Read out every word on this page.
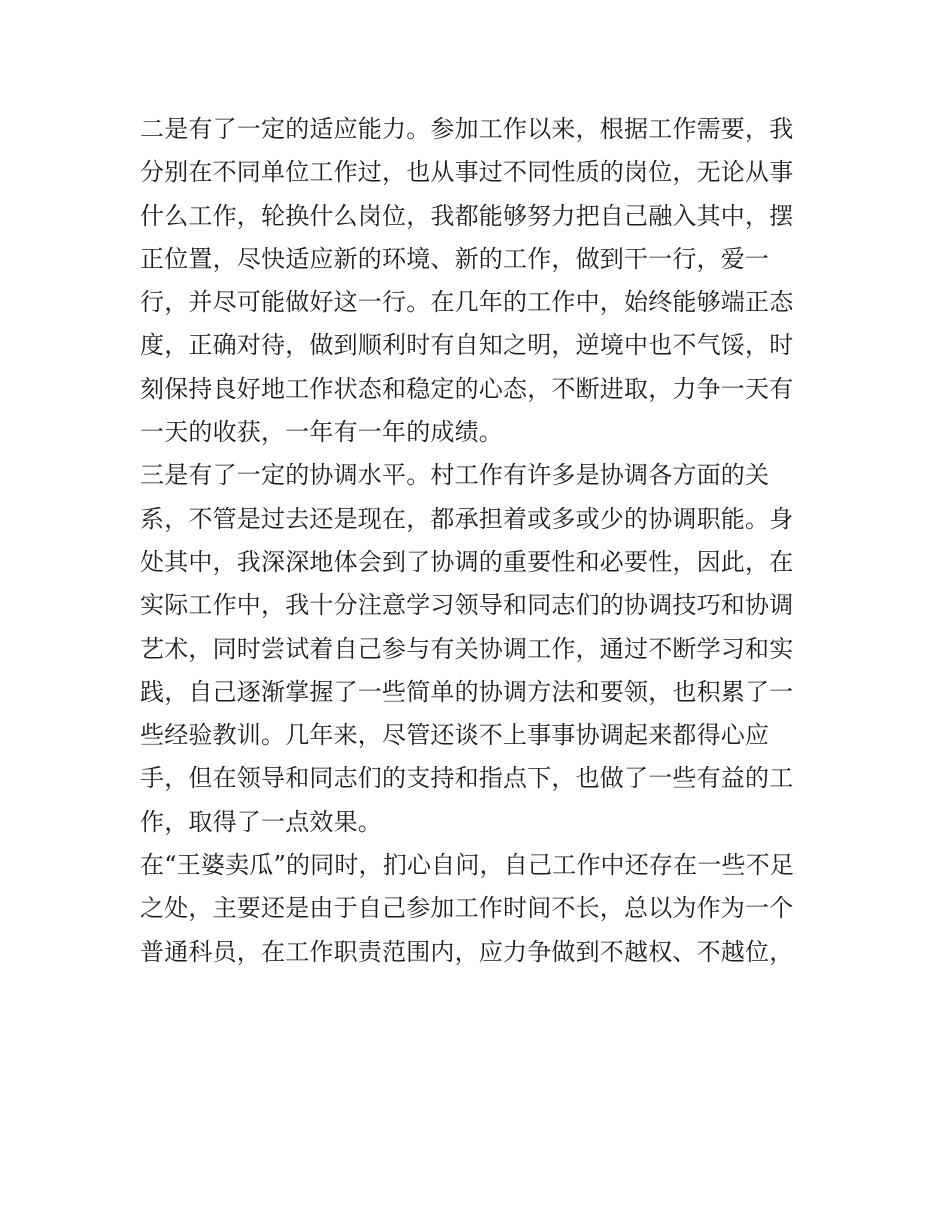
二是有了一定的适应能力。参加工作以来，根据工作需要，我
分别在不同单位工作过，也从事过不同性质的岗位，无论从事
什么工作，轮换什么岗位，我都能够努力把自己融入其中，摆
正位置，尽快适应新的环境、新的工作，做到干一行，爱一
行，并尽可能做好这一行。在几年的工作中，始终能够端正态
度，正确对待，做到顺利时有自知之明，逆境中也不气馁，时
刻保持良好地工作状态和稳定的心态，不断进取，力争一天有
一天的收获，一年有一年的成绩。
三是有了一定的协调水平。村工作有许多是协调各方面的关
系，不管是过去还是现在，都承担着或多或少的协调职能。身
处其中，我深深地体会到了协调的重要性和必要性，因此，在
实际工作中，我十分注意学习领导和同志们的协调技巧和协调
艺术，同时尝试着自己参与有关协调工作，通过不断学习和实
践，自己逐渐掌握了一些简单的协调方法和要领，也积累了一
些经验教训。几年来，尽管还谈不上事事协调起来都得心应
手，但在领导和同志们的支持和指点下，也做了一些有益的工
作，取得了一点效果。
在“王婆卖瓜”的同时，扪心自问，自己工作中还存在一些不足
之处，主要还是由于自己参加工作时间不长，总以为作为一个
普通科员，在工作职责范围内，应力争做到不越权、不越位，
